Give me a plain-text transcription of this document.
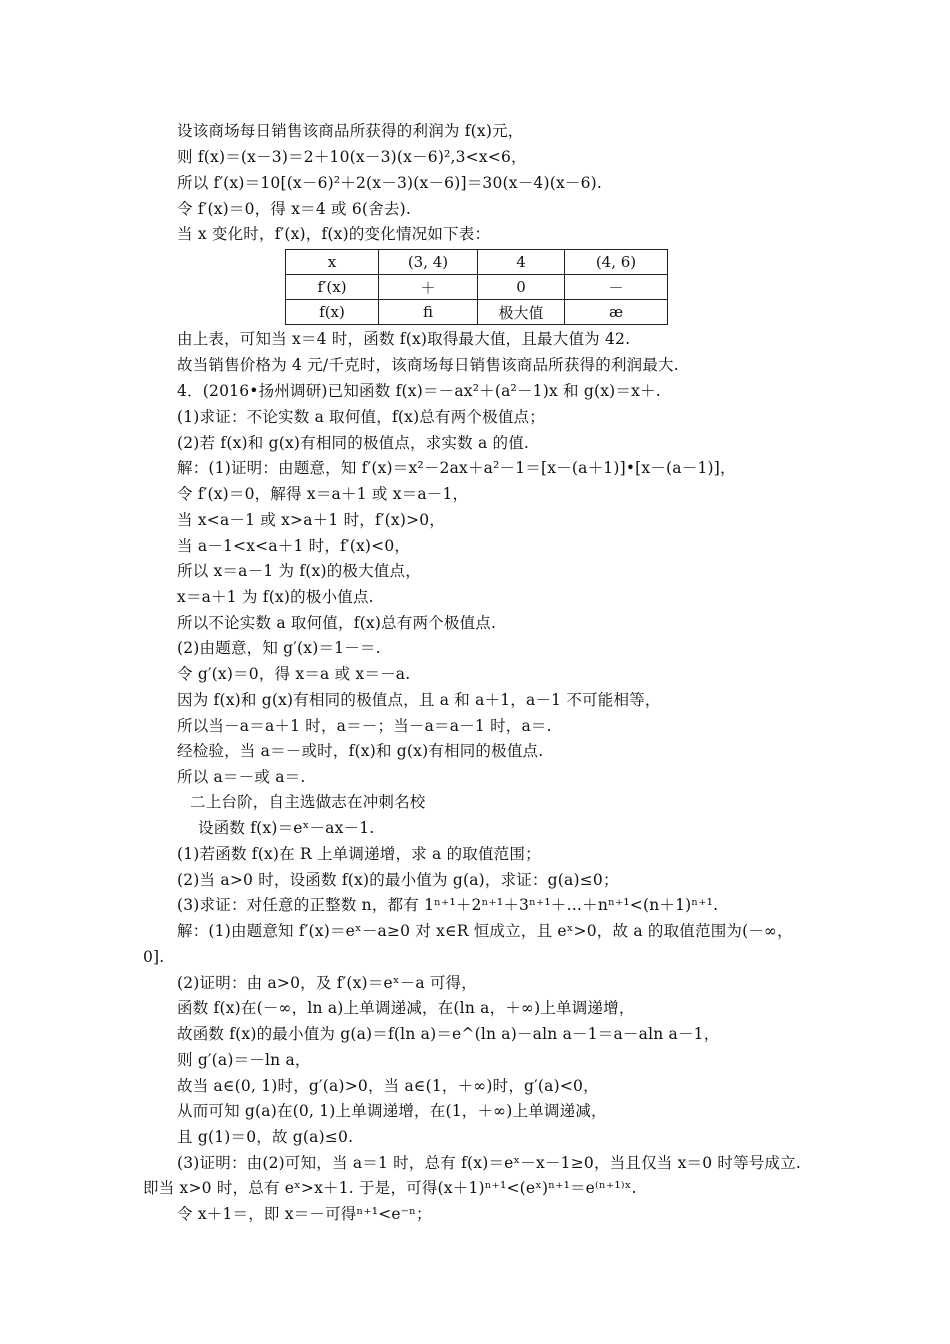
设该商场每日销售该商品所获得的利润为 f(x)元，
则 f(x)＝(x－3)＝2＋10(x－3)(x－6)²,3<x<6，
所以 f′(x)＝10[(x－6)²＋2(x－3)(x－6)]＝30(x－4)(x－6).
令 f′(x)＝0，得 x＝4 或 6(舍去).
当 x 变化时，f′(x)，f(x)的变化情况如下表：
x	(3, 4)	4	(4, 6)
f′(x)	＋	0	－
f(x)	ﬁ	极大值	æ
由上表，可知当 x＝4 时，函数 f(x)取得最大值，且最大值为 42.
故当销售价格为 4 元/千克时，该商场每日销售该商品所获得的利润最大.
4．(2016•扬州调研)已知函数 f(x)＝－ax²＋(a²－1)x 和 g(x)＝x＋.
(1)求证：不论实数 a 取何值，f(x)总有两个极值点；
(2)若 f(x)和 g(x)有相同的极值点，求实数 a 的值.
解：(1)证明：由题意，知 f′(x)＝x²－2ax＋a²－1＝[x－(a＋1)]•[x－(a－1)]，
令 f′(x)＝0，解得 x＝a＋1 或 x＝a－1，
当 x<a－1 或 x>a＋1 时，f′(x)>0，
当 a－1<x<a＋1 时，f′(x)<0，
所以 x＝a－1 为 f(x)的极大值点，
x＝a＋1 为 f(x)的极小值点.
所以不论实数 a 取何值，f(x)总有两个极值点.
(2)由题意，知 g′(x)＝1－＝.
令 g′(x)＝0，得 x＝a 或 x＝－a.
因为 f(x)和 g(x)有相同的极值点，且 a 和 a＋1，a－1 不可能相等，
所以当－a＝a＋1 时，a＝－；当－a＝a－1 时，a＝.
经检验，当 a＝－或时，f(x)和 g(x)有相同的极值点.
所以 a＝－或 a＝.
二上台阶，自主选做志在冲刺名校
设函数 f(x)＝eˣ－ax－1.
(1)若函数 f(x)在 R 上单调递增，求 a 的取值范围；
(2)当 a>0 时，设函数 f(x)的最小值为 g(a)，求证：g(a)≤0；
(3)求证：对任意的正整数 n，都有 1ⁿ⁺¹＋2ⁿ⁺¹＋3ⁿ⁺¹＋…＋nⁿ⁺¹<(n＋1)ⁿ⁺¹.
解：(1)由题意知 f′(x)＝eˣ－a≥0 对 x∈R 恒成立，且 eˣ>0，故 a 的取值范围为(－∞，
0].
(2)证明：由 a>0，及 f′(x)＝eˣ－a 可得，
函数 f(x)在(－∞，ln a)上单调递减，在(ln a，＋∞)上单调递增，
故函数 f(x)的最小值为 g(a)＝f(ln a)＝e^(ln a)－aln a－1＝a－aln a－1，
则 g′(a)＝－ln a，
故当 a∈(0, 1)时，g′(a)>0，当 a∈(1，＋∞)时，g′(a)<0，
从而可知 g(a)在(0, 1)上单调递增，在(1，＋∞)上单调递减，
且 g(1)＝0，故 g(a)≤0.
(3)证明：由(2)可知，当 a＝1 时，总有 f(x)＝eˣ－x－1≥0，当且仅当 x＝0 时等号成立.
即当 x>0 时，总有 eˣ>x＋1. 于是，可得(x＋1)ⁿ⁺¹<(eˣ)ⁿ⁺¹＝e⁽ⁿ⁺¹⁾ˣ.
令 x＋1＝，即 x＝－可得ⁿ⁺¹<e⁻ⁿ；
